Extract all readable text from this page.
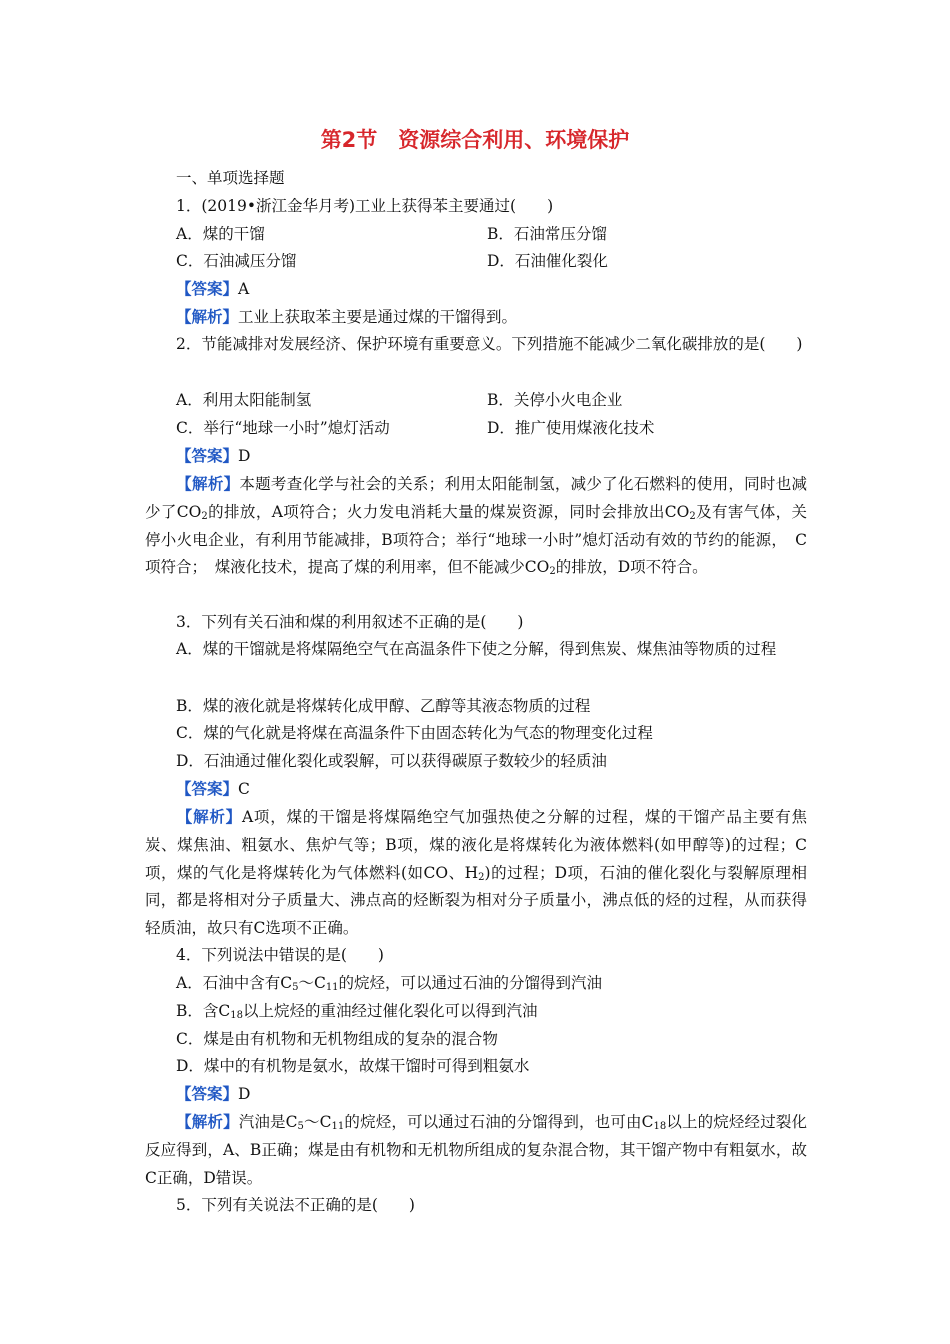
第2节　资源综合利用、环境保护
一、单项选择题
1．(2019•浙江金华月考)工业上获得苯主要通过(　　)
A．煤的干馏	B．石油常压分馏
C．石油减压分馏	D．石油催化裂化
【答案】A
【解析】工业上获取苯主要是通过煤的干馏得到。
2．节能减排对发展经济、保护环境有重要意义。下列措施不能减少二氧化碳排放的是(　　)
A．利用太阳能制氢	B．关停小火电企业
C．举行“地球一小时”熄灯活动	D．推广使用煤液化技术
【答案】D
【解析】本题考查化学与社会的关系；利用太阳能制氢，减少了化石燃料的使用，同时也减少了$CO_2$的排放，A项符合；火力发电消耗大量的煤炭资源，同时会排放出$CO_2$及有害气体，关停小火电企业，有利用节能减排，B项符合；举行“地球一小时”熄灯活动有效的节约的能源，　C项符合；　煤液化技术，提高了煤的利用率，但不能减少$CO_2$的排放，D项不符合。
3．下列有关石油和煤的利用叙述不正确的是(　　)
A．煤的干馏就是将煤隔绝空气在高温条件下使之分解，得到焦炭、煤焦油等物质的过程
B．煤的液化就是将煤转化成甲醇、乙醇等其液态物质的过程
C．煤的气化就是将煤在高温条件下由固态转化为气态的物理变化过程
D．石油通过催化裂化或裂解，可以获得碳原子数较少的轻质油
【答案】C
【解析】A项，煤的干馏是将煤隔绝空气加强热使之分解的过程，煤的干馏产品主要有焦炭、煤焦油、粗氨水、焦炉气等；B项，煤的液化是将煤转化为液体燃料(如甲醇等)的过程；C项，煤的气化是将煤转化为气体燃料(如CO、$H_2$)的过程；D项，石油的催化裂化与裂解原理相同，都是将相对分子质量大、沸点高的烃断裂为相对分子质量小，沸点低的烃的过程，从而获得轻质油，故只有C选项不正确。
4．下列说法中错误的是(　　)
A．石油中含有$C_5\sim C_{11}$的烷烃，可以通过石油的分馏得到汽油
B．含$C_{18}$以上烷烃的重油经过催化裂化可以得到汽油
C．煤是由有机物和无机物组成的复杂的混合物
D．煤中的有机物是氨水，故煤干馏时可得到粗氨水
【答案】D
【解析】汽油是$C_5\sim C_{11}$的烷烃，可以通过石油的分馏得到，也可由$C_{18}$以上的烷烃经过裂化反应得到，A、B正确；煤是由有机物和无机物所组成的复杂混合物，其干馏产物中有粗氨水，故C正确，D错误。
5．下列有关说法不正确的是(　　)
